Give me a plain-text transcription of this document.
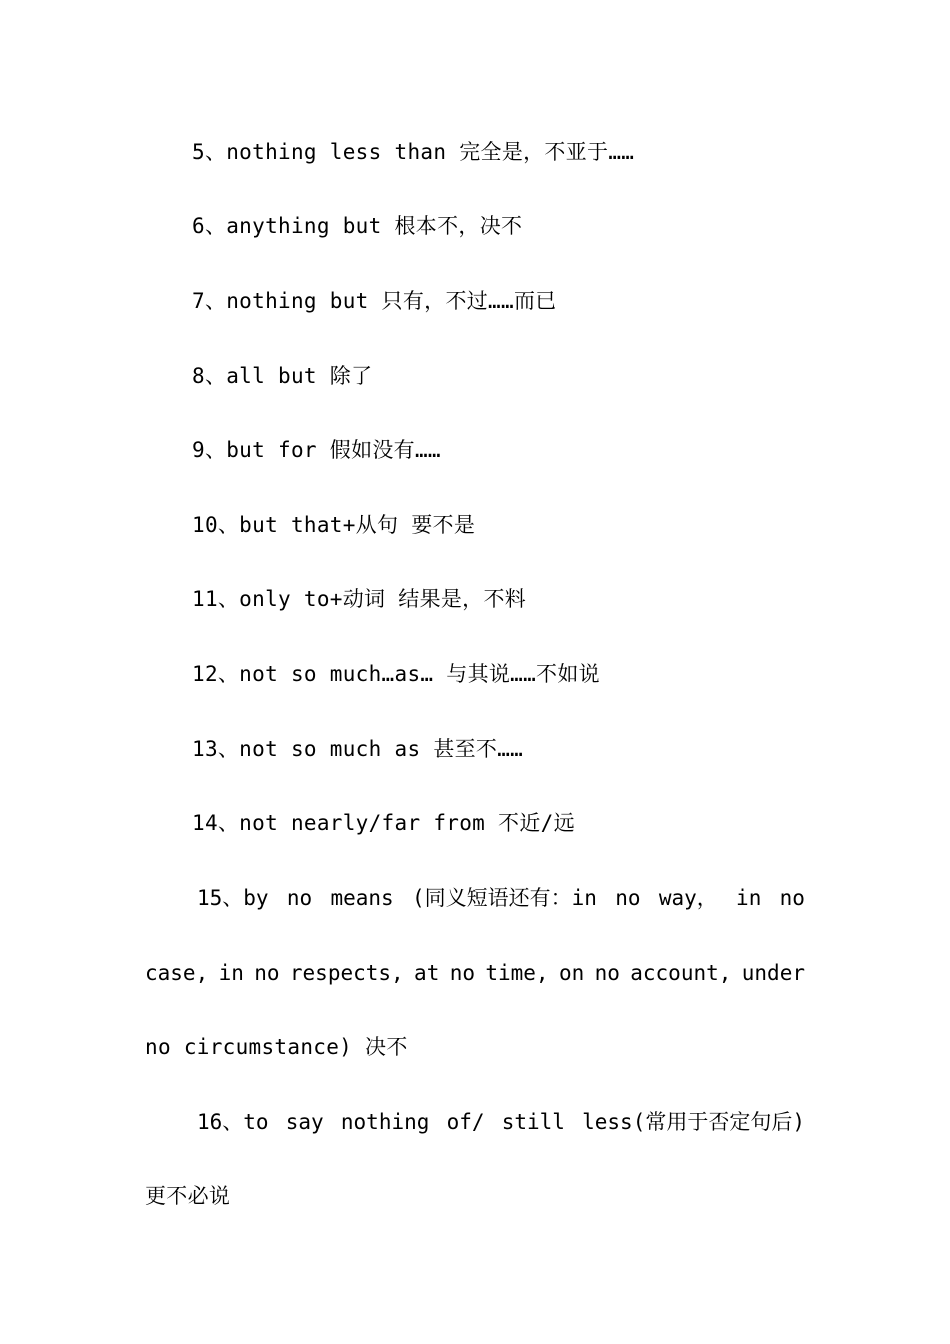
5、nothing less than 完全是，不亚于……
6、anything but 根本不，决不
7、nothing but 只有，不过……而已
8、all but 除了
9、but for 假如没有……
10、but that+从句 要不是
11、only to+动词 结果是，不料
12、not so much…as… 与其说……不如说
13、not so much as 甚至不……
14、not nearly/far from 不近/远
15、by no means (同义短语还有：in no way， in no
case, in no respects, at no time, on no account, under
no circumstance) 决不
16、to say nothing of/ still less(常用于否定句后)
更不必说
